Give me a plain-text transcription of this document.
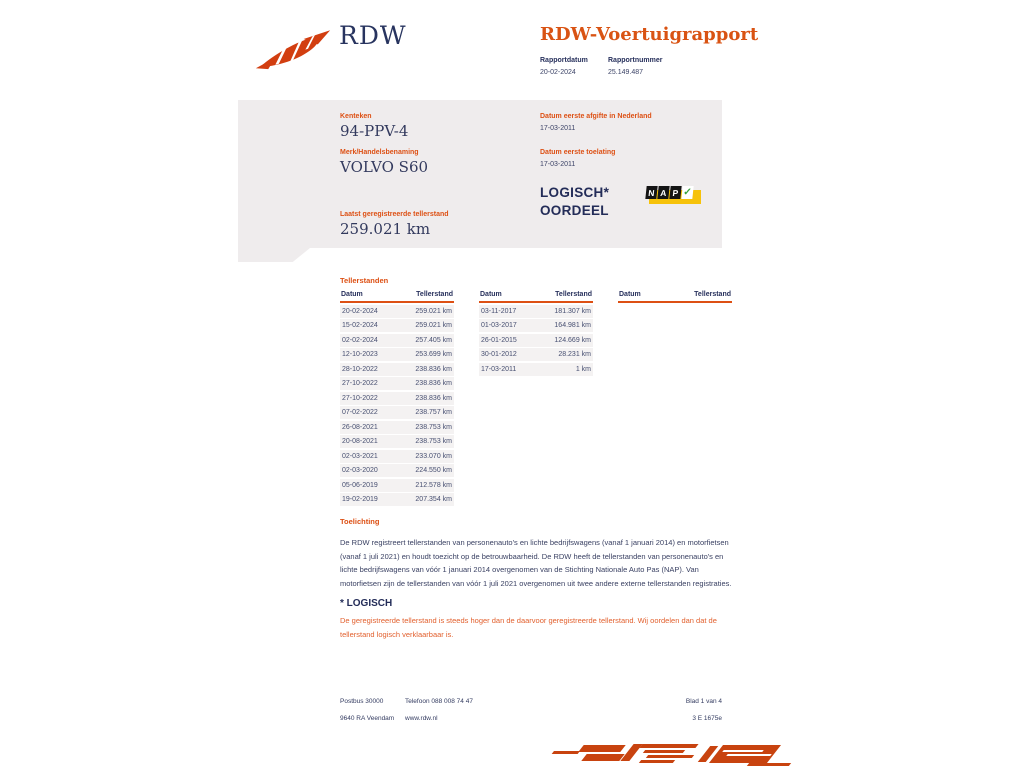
RDW	RDW-Voertuigrapport
Rapportdatum
20-02-2024
Rapportnummer
25.149.487
Kenteken
94-PPV-4
Merk/Handelsbenaming
VOLVO S60
Laatst geregistreerde tellerstand
259.021 km
Datum eerste afgifte in Nederland
17-03-2011
Datum eerste toelating
17-03-2011
LOGISCH*
OORDEEL
N A P ✓
Tellerstanden
Datum	Tellerstand
20-02-2024	259.021 km
15-02-2024	259.021 km
02-02-2024	257.405 km
12-10-2023	253.699 km
28-10-2022	238.836 km
27-10-2022	238.836 km
27-10-2022	238.836 km
07-02-2022	238.757 km
26-08-2021	238.753 km
20-08-2021	238.753 km
02-03-2021	233.070 km
02-03-2020	224.550 km
05-06-2019	212.578 km
19-02-2019	207.354 km
Datum	Tellerstand
03-11-2017	181.307 km
01-03-2017	164.981 km
26-01-2015	124.669 km
30-01-2012	28.231 km
17-03-2011	1 km
Datum	Tellerstand
Toelichting

De RDW registreert tellerstanden van personenauto's en lichte bedrijfswagens (vanaf 1 januari 2014) en motorfietsen (vanaf 1 juli 2021) en houdt toezicht op de betrouwbaarheid. De RDW heeft de tellerstanden van personenauto's en lichte bedrijfswagens van vóór 1 januari 2014 overgenomen van de Stichting Nationale Auto Pas (NAP). Van motorfietsen zijn de tellerstanden van vóór 1 juli 2021 overgenomen uit twee andere externe tellerstanden registraties.

* LOGISCH

De geregistreerde tellerstand is steeds hoger dan de daarvoor geregistreerde tellerstand. Wij oordelen dan dat de tellerstand logisch verklaarbaar is.

Postbus 30000
9640 RA Veendam
Telefoon 088 008 74 47
www.rdw.nl
Blad 1 van 4
3 E 1675e
